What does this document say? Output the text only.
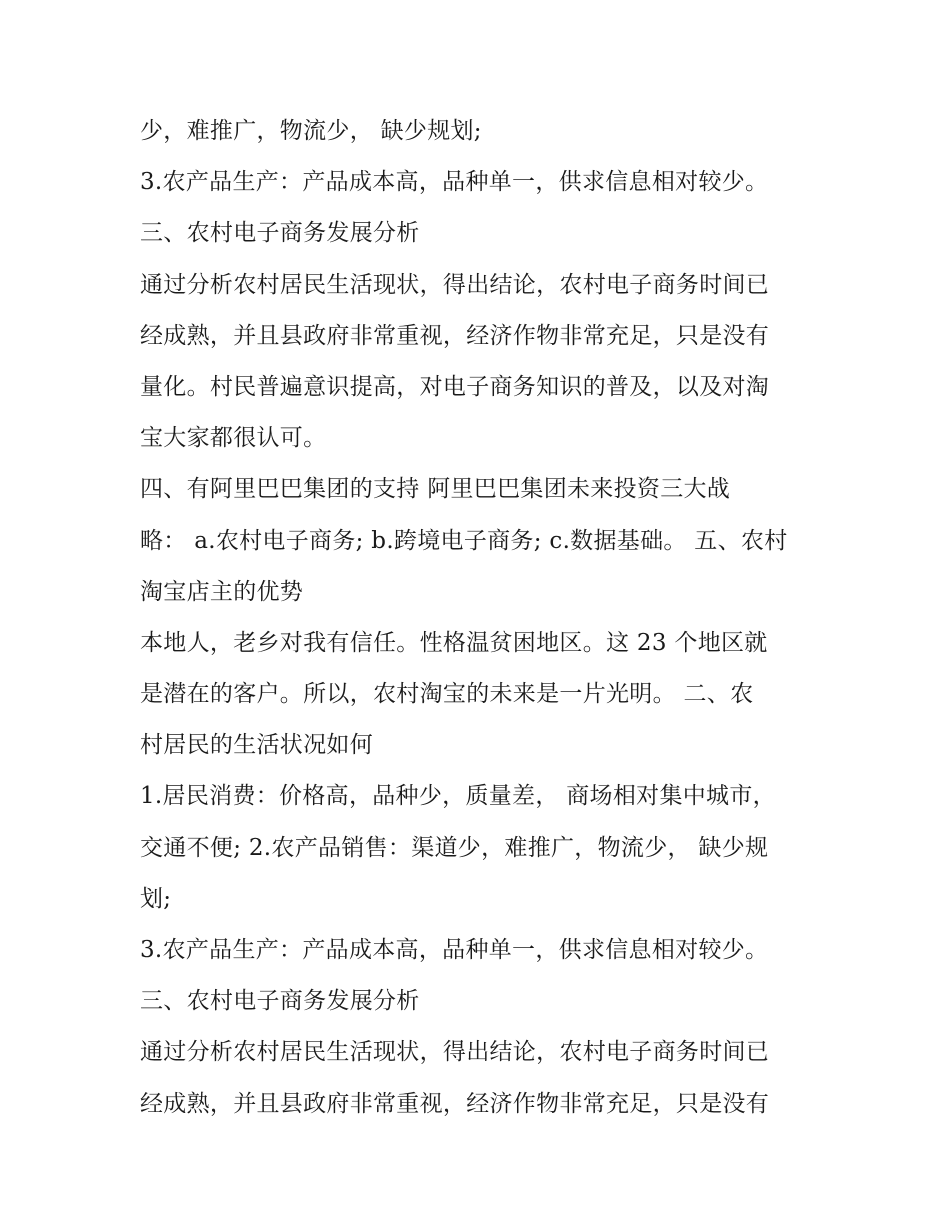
少，难推广，物流少， 缺少规划;
3.农产品生产：产品成本高，品种单一，供求信息相对较少。
三、农村电子商务发展分析
通过分析农村居民生活现状，得出结论，农村电子商务时间已
经成熟，并且县政府非常重视，经济作物非常充足，只是没有
量化。村民普遍意识提高，对电子商务知识的普及，以及对淘
宝大家都很认可。
四、有阿里巴巴集团的支持 阿里巴巴集团未来投资三大战
略： a.农村电子商务; b.跨境电子商务; c.数据基础。 五、农村
淘宝店主的优势
本地人，老乡对我有信任。性格温贫困地区。这 23 个地区就
是潜在的客户。所以，农村淘宝的未来是一片光明。 二、农
村居民的生活状况如何
1.居民消费：价格高，品种少，质量差， 商场相对集中城市，
交通不便; 2.农产品销售：渠道少，难推广，物流少， 缺少规
划;
3.农产品生产：产品成本高，品种单一，供求信息相对较少。
三、农村电子商务发展分析
通过分析农村居民生活现状，得出结论，农村电子商务时间已
经成熟，并且县政府非常重视，经济作物非常充足，只是没有
